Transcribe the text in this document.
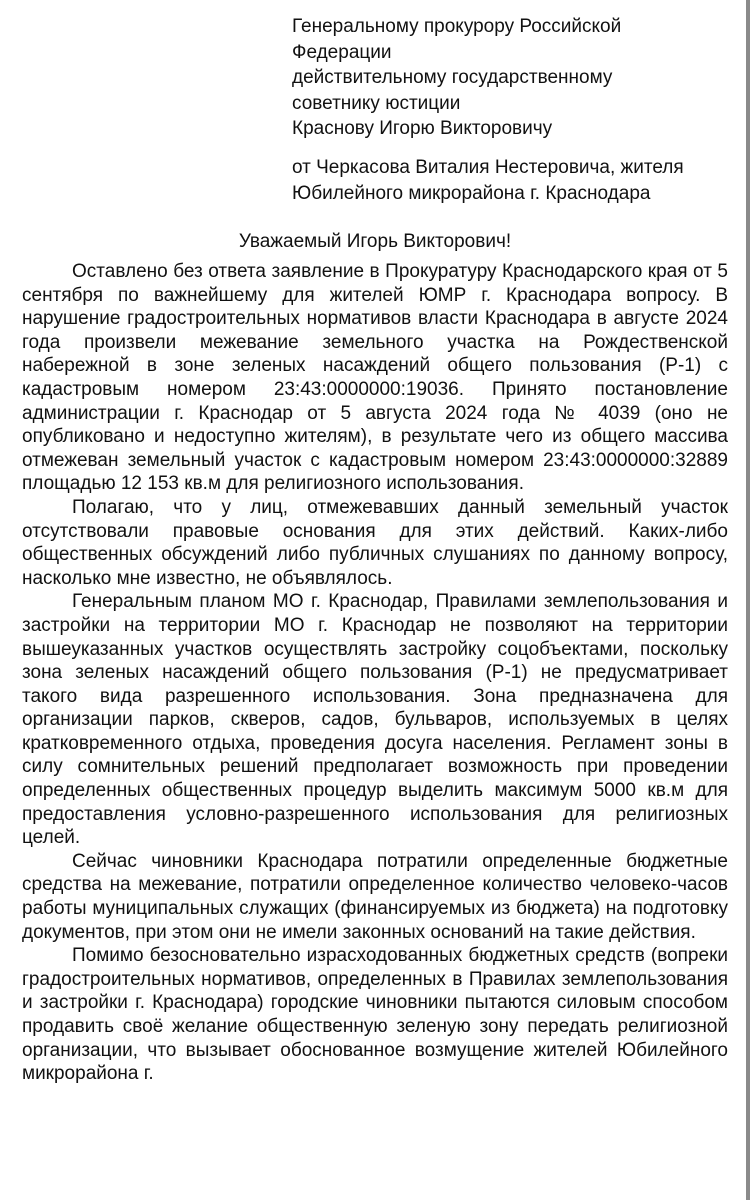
Генеральному прокурору Российской
Федерации
действительному государственному
советнику юстиции
Краснову Игорю Викторовичу
от Черкасова Виталия Нестеровича, жителя
Юбилейного микрорайона г. Краснодара
Уважаемый Игорь Викторович!

Оставлено без ответа заявление в Прокуратуру Краснодарского края от 5 сентября по важнейшему для жителей ЮМР г. Краснодара вопросу. В нарушение градостроительных нормативов власти Краснодара в августе 2024 года произвели межевание земельного участка на Рождественской набережной в зоне зеленых насаждений общего пользования (Р-1) с кадастровым номером 23:43:0000000:19036. Принято постановление администрации г. Краснодар от 5 августа 2024 года № 4039 (оно не опубликовано и недоступно жителям), в результате чего из общего массива отмежеван земельный участок с кадастровым номером 23:43:0000000:32889 площадью 12 153 кв.м для религиозного использования.

Полагаю, что у лиц, отмежевавших данный земельный участок отсутствовали правовые основания для этих действий. Каких-либо общественных обсуждений либо публичных слушаниях по данному вопросу, насколько мне известно, не объявлялось.

Генеральным планом МО г. Краснодар, Правилами землепользования и застройки на территории МО г. Краснодар не позволяют на территории вышеуказанных участков осуществлять застройку соцобъектами, поскольку зона зеленых насаждений общего пользования (Р-1) не предусматривает такого вида разрешенного использования. Зона предназначена для организации парков, скверов, садов, бульваров, используемых в целях кратковременного отдыха, проведения досуга населения. Регламент зоны в силу сомнительных решений предполагает возможность при проведении определенных общественных процедур выделить максимум 5000 кв.м для предоставления условно-разрешенного использования для религиозных целей.

Сейчас чиновники Краснодара потратили определенные бюджетные средства на межевание, потратили определенное количество человеко-часов работы муниципальных служащих (финансируемых из бюджета) на подготовку документов, при этом они не имели законных оснований на такие действия.

Помимо безосновательно израсходованных бюджетных средств (вопреки градостроительных нормативов, определенных в Правилах землепользования и застройки г. Краснодара) городские чиновники пытаются силовым способом продавить своё желание общественную зеленую зону передать религиозной организации, что вызывает обоснованное возмущение жителей Юбилейного микрорайона г.
